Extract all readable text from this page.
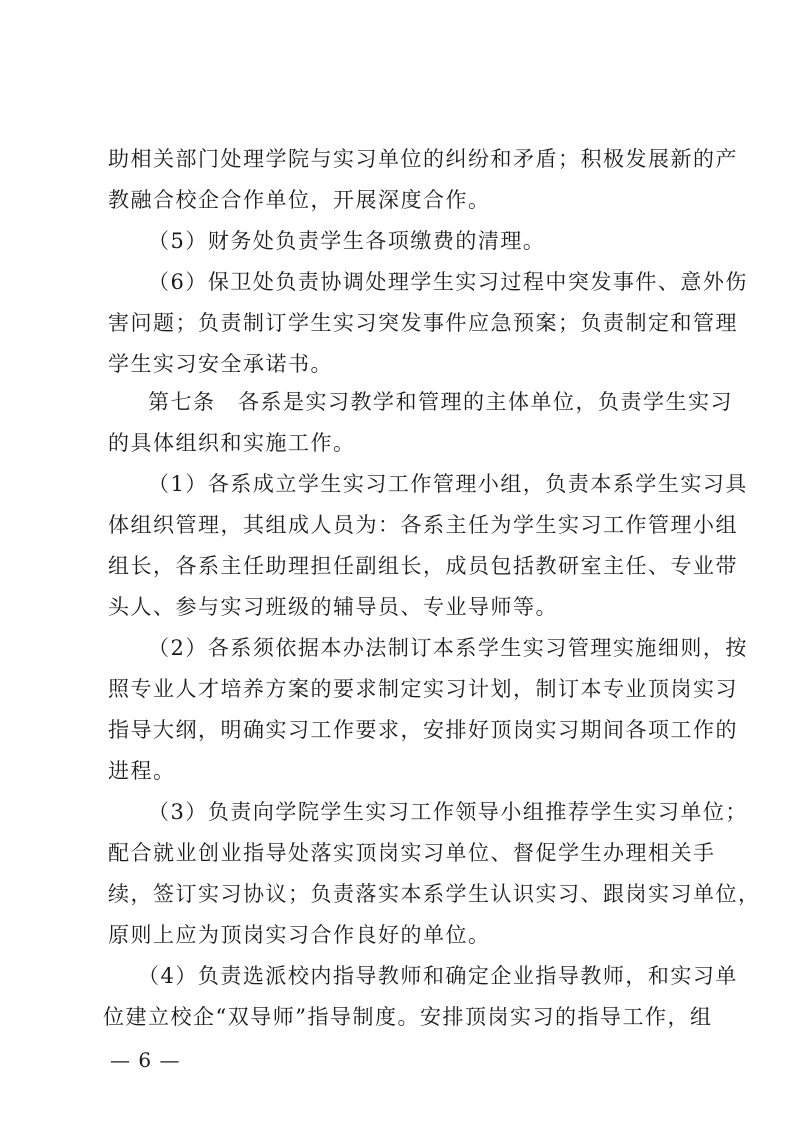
助相关部门处理学院与实习单位的纠纷和矛盾；积极发展新的产
教融合校企合作单位，开展深度合作。
（5）财务处负责学生各项缴费的清理。
（6）保卫处负责协调处理学生实习过程中突发事件、意外伤
害问题；负责制订学生实习突发事件应急预案；负责制定和管理
学生实习安全承诺书。
第七条　各系是实习教学和管理的主体单位，负责学生实习
的具体组织和实施工作。
（1）各系成立学生实习工作管理小组，负责本系学生实习具
体组织管理，其组成人员为：各系主任为学生实习工作管理小组
组长，各系主任助理担任副组长，成员包括教研室主任、专业带
头人、参与实习班级的辅导员、专业导师等。
（2）各系须依据本办法制订本系学生实习管理实施细则，按
照专业人才培养方案的要求制定实习计划，制订本专业顶岗实习
指导大纲，明确实习工作要求，安排好顶岗实习期间各项工作的
进程。
（3）负责向学院学生实习工作领导小组推荐学生实习单位；
配合就业创业指导处落实顶岗实习单位、督促学生办理相关手
续，签订实习协议；负责落实本系学生认识实习、跟岗实习单位，
原则上应为顶岗实习合作良好的单位。
（4）负责选派校内指导教师和确定企业指导教师，和实习单
位建立校企“双导师”指导制度。安排顶岗实习的指导工作，组
— 6 —
